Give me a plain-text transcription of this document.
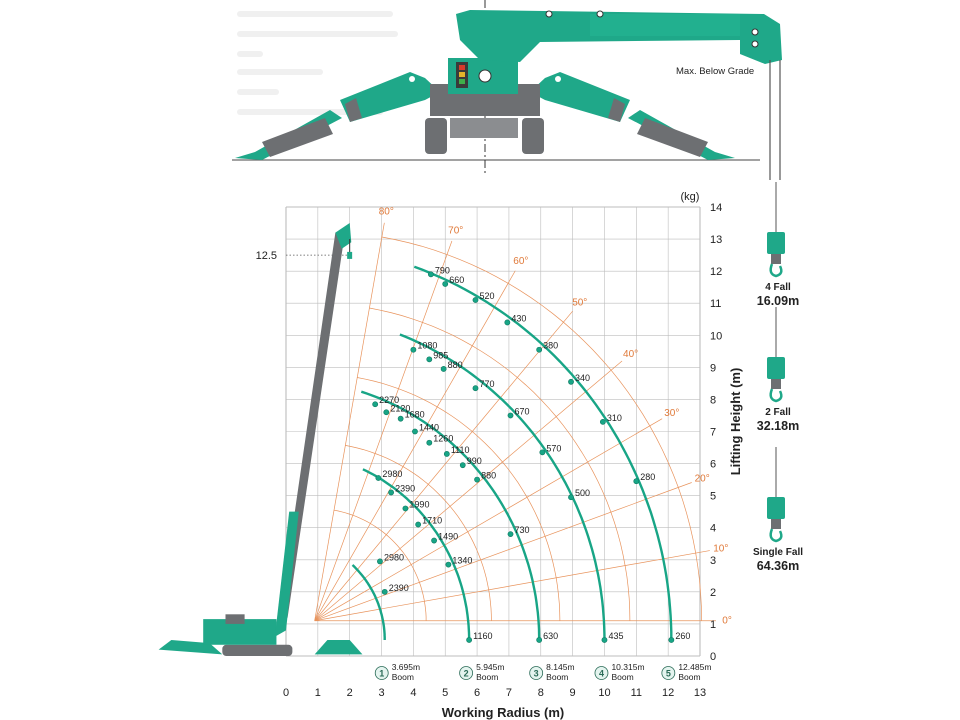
Max. Below Grade
4 Fall
16.09m
2 Fall
32.18m
Single Fall
64.36m
0°
10°
20°
30°
40°
50°
60°
70°
80°
2980
2390
2980
2390
1990
1710
1490
1340
1160
2270
2120
1680
1440
1260
1110
990
880
730
630
1080
985
880
770
670
570
500
435
790
660
520
430
380
340
310
280
260
0 1 2 3 4 5 6 7 8 9 10 11 12 13
0
1
2
3
4
5
6
7
8
9
10
11
12
13
14
1
3.695m
Boom	2
5.945m
Boom	3
8.145m
Boom	4
10.315m
Boom	5
12.485m
Boom
Working Radius (m)
Lifting Height (m)
(kg)
12.5
